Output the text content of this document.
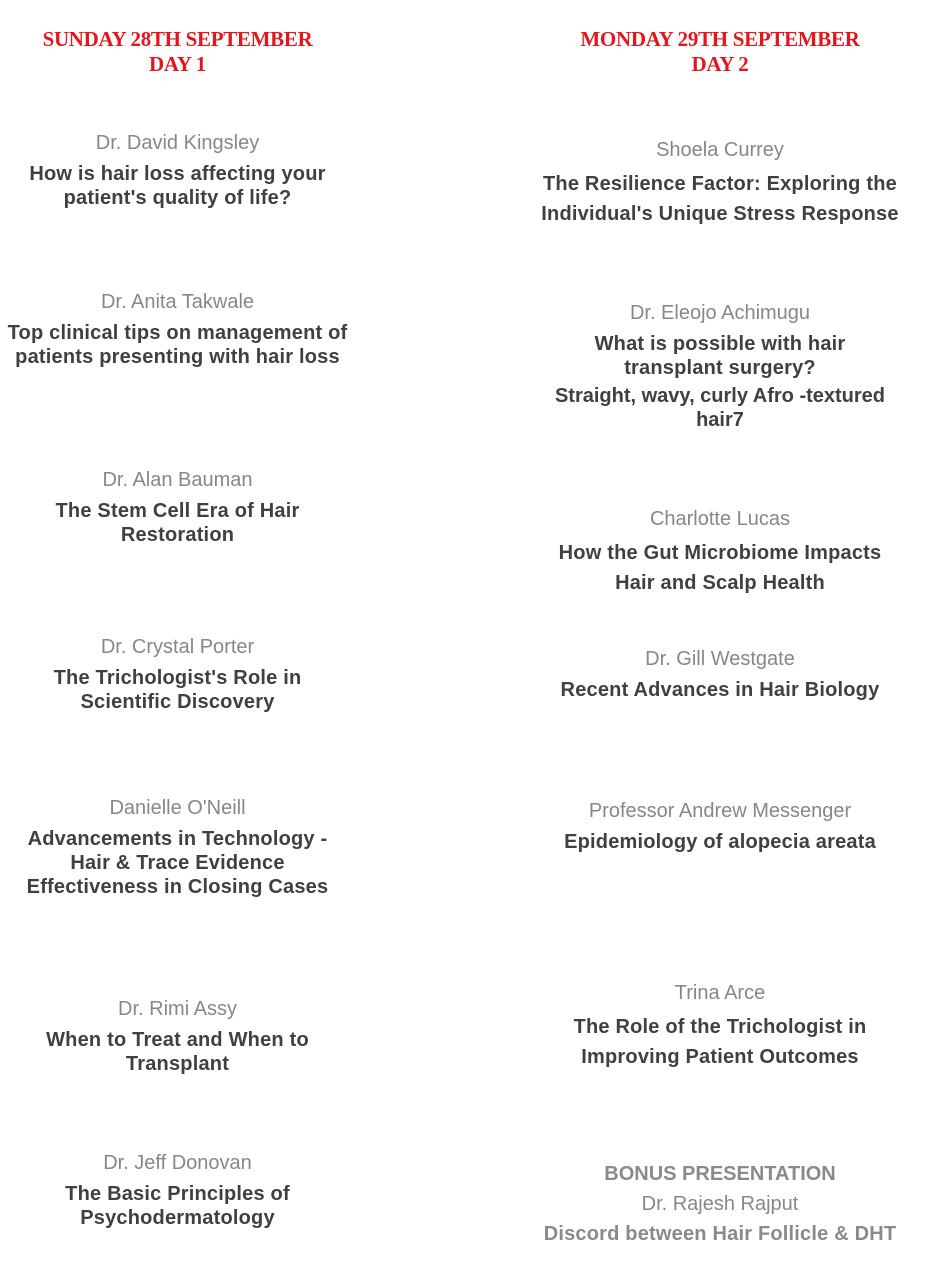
SUNDAY 28TH SEPTEMBER
DAY 1
Dr. David Kingsley
How is hair loss affecting your patient's quality of life?
Dr. Anita Takwale
Top clinical tips on management of patients presenting with hair loss
Dr. Alan Bauman
The Stem Cell Era of Hair Restoration
Dr. Crystal Porter
The Trichologist's Role in Scientific Discovery
Danielle O'Neill
Advancements in Technology - Hair & Trace Evidence Effectiveness in Closing Cases
Dr. Rimi Assy
When to Treat and When to Transplant
Dr. Jeff Donovan
The Basic Principles of Psychodermatology
MONDAY 29TH SEPTEMBER
DAY 2
Shoela Currey
The Resilience Factor: Exploring the Individual's Unique Stress Response
Dr. Eleojo Achimugu
What is possible with hair transplant surgery?
Straight, wavy, curly Afro -textured hair7
Charlotte Lucas
How the Gut Microbiome Impacts Hair and Scalp Health
Dr. Gill Westgate
Recent Advances in Hair Biology
Professor Andrew Messenger
Epidemiology of alopecia areata
Trina Arce
The Role of the Trichologist in Improving Patient Outcomes
BONUS PRESENTATION
Dr. Rajesh Rajput
Discord between Hair Follicle & DHT
